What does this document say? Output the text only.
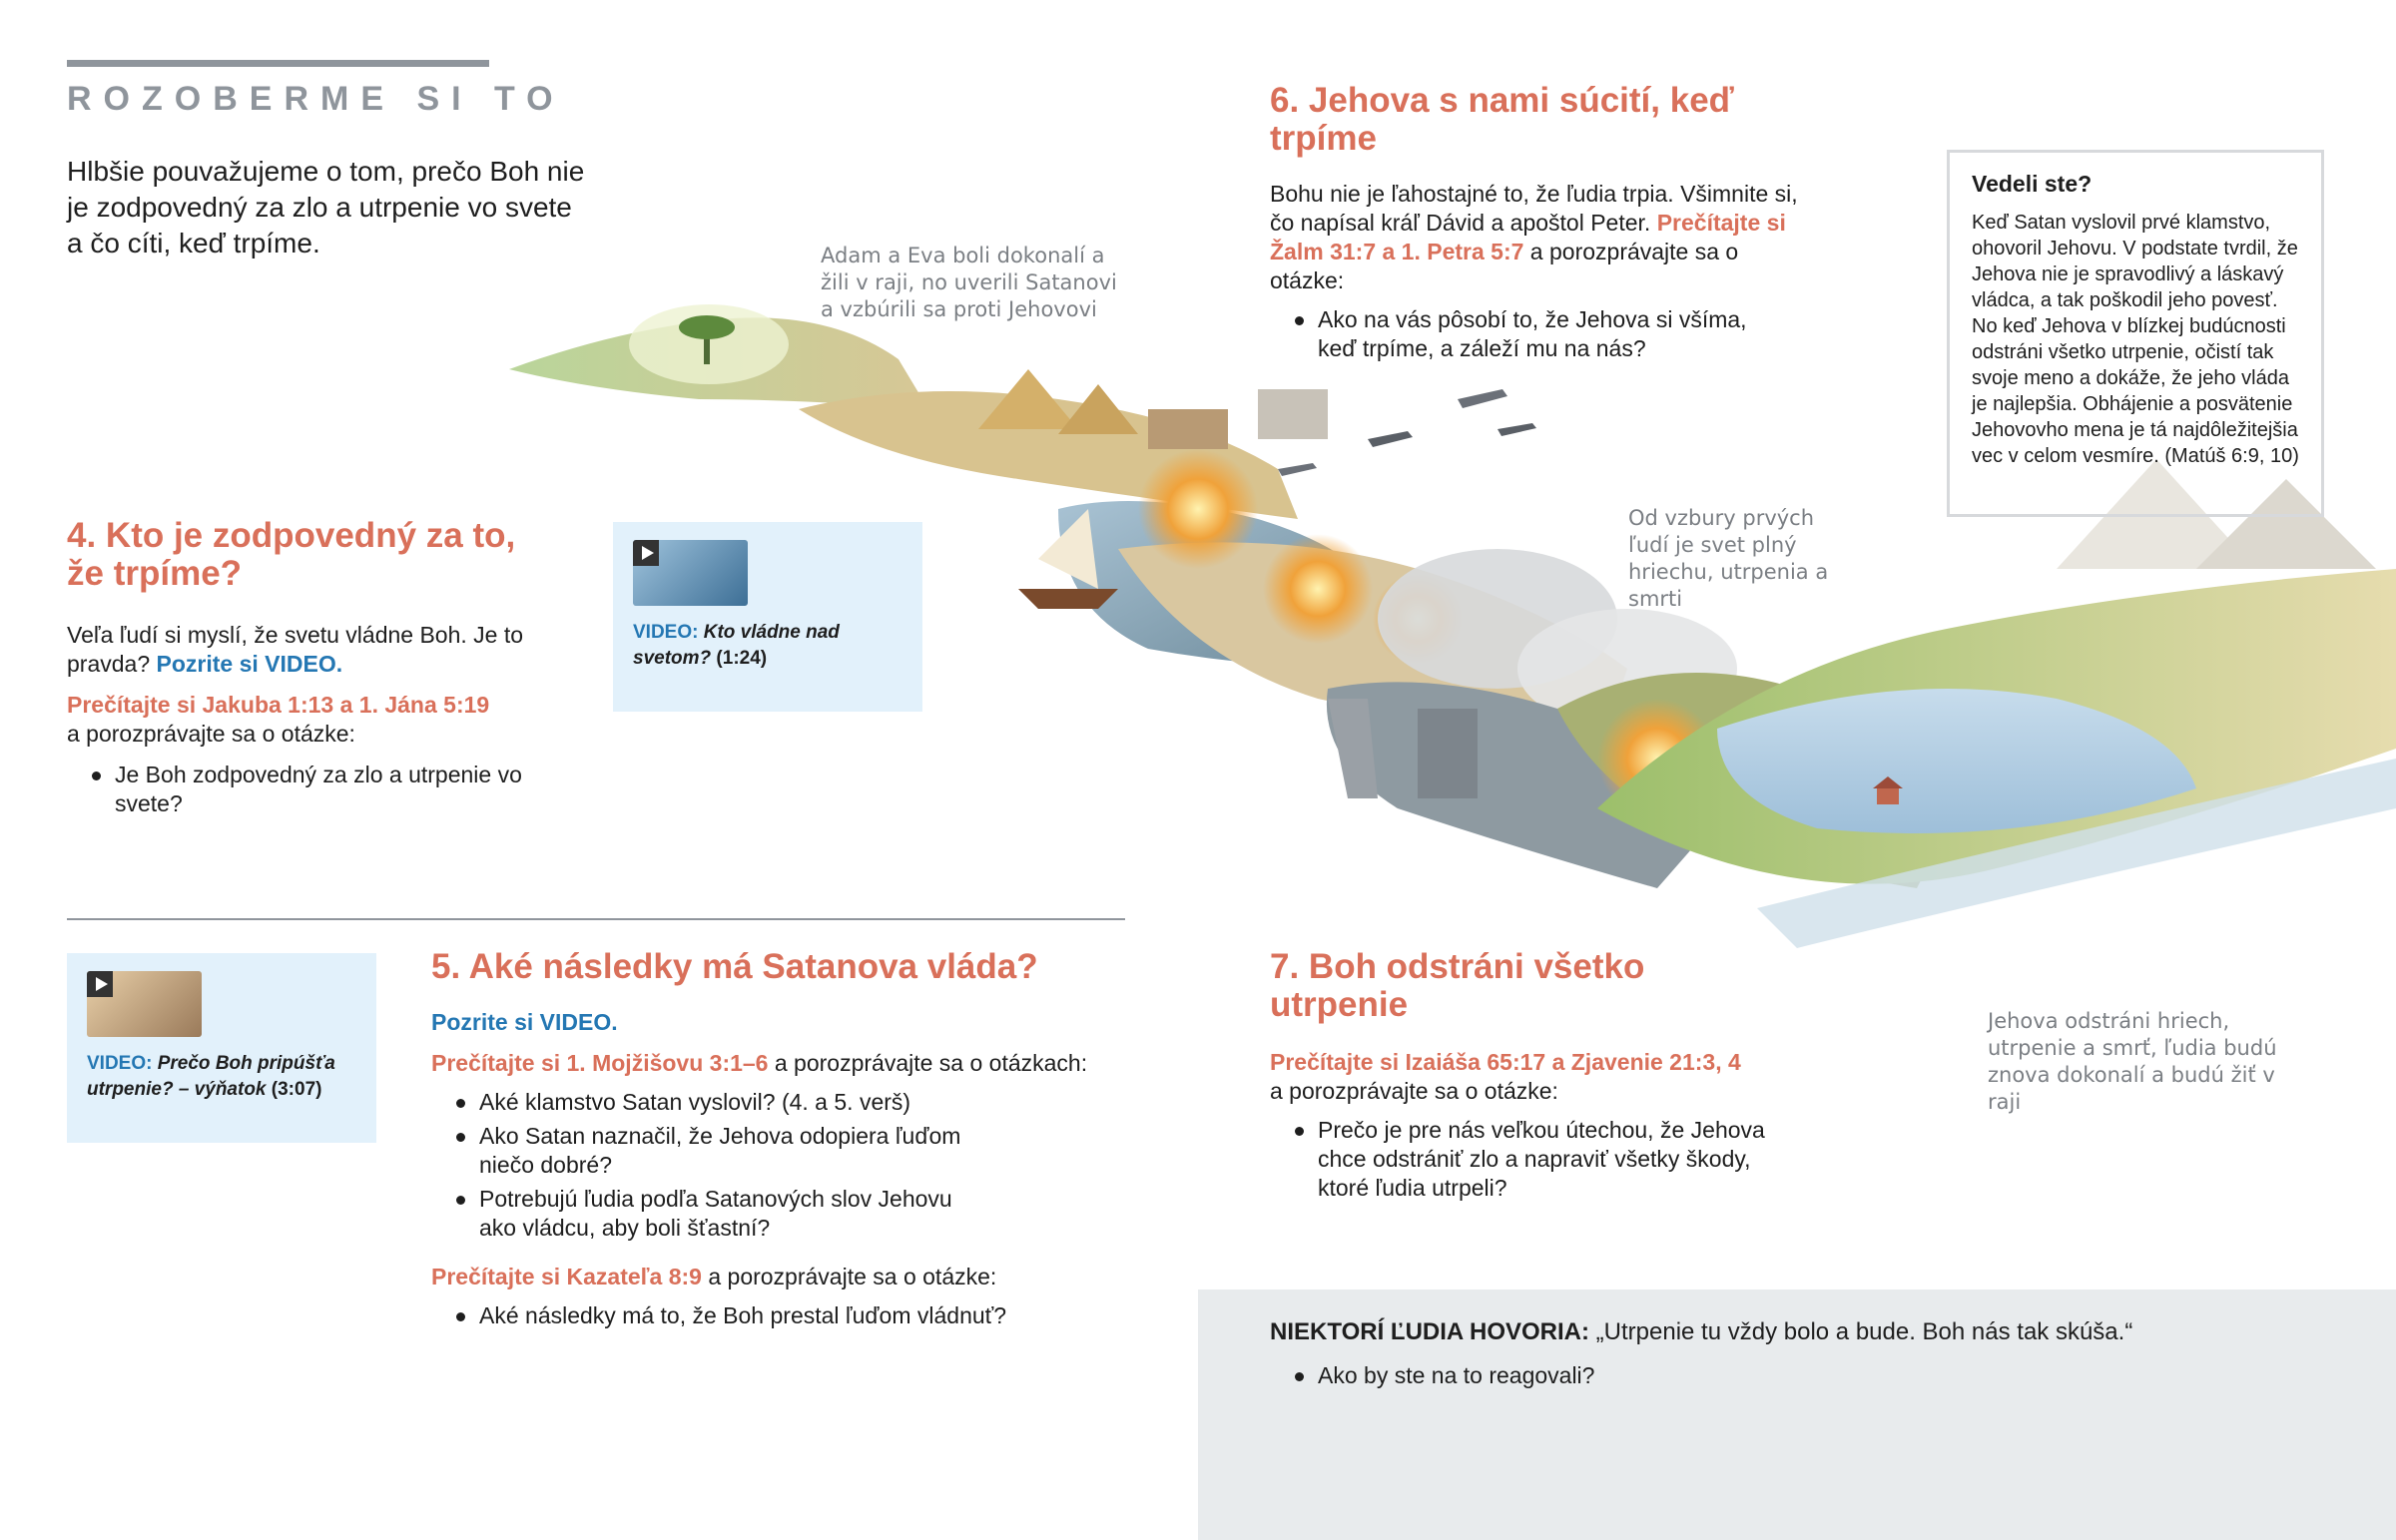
ROZOBERME SI TO
Hlbšie pouvažujeme o tom, prečo Boh nie je zodpovedný za zlo a utrpenie vo svete a čo cíti, keď trpíme.	Adam a Eva boli dokonalí a žili v raji, no uverili Satanovi a vzbúrili sa proti Jehovovi
Od vzbury prvých ľudí je svet plný hriechu, utrpenia a smrti
Jehova odstráni hriech, utrpenie a smrť, ľudia budú znova dokonalí a budú žiť v raji
4. Kto je zodpovedný za to, že trpíme?

Veľa ľudí si myslí, že svetu vládne Boh. Je to pravda? Pozrite si VIDEO.

Prečítajte si Jakuba 1:13 a 1. Jána 5:19
a porozprávajte sa o otázke:

Je Boh zodpovedný za zlo a utrpenie vo svete?
VIDEO: Kto vládne nad svetom? (1:24)
VIDEO: Prečo Boh pripúšťa utrpenie? – výňatok (3:07)
5. Aké následky má Satanova vláda?

Pozrite si VIDEO.

Prečítajte si 1. Mojžišovu 3:1–6 a porozprávajte sa o otázkach:

Aké klamstvo Satan vyslovil? (4. a 5. verš)
Ako Satan naznačil, že Jehova odopiera ľuďom niečo dobré?
Potrebujú ľudia podľa Satanových slov Jehovu ako vládcu, aby boli šťastní?

Prečítajte si Kazateľa 8:9 a porozprávajte sa o otázke:

Aké následky má to, že Boh prestal ľuďom vládnuť?
6. Jehova s nami súcití, keď trpíme

Bohu nie je ľahostajné to, že ľudia trpia. Všimnite si, čo napísal kráľ Dávid a apoštol Peter. Prečítajte si Žalm 31:7 a 1. Petra 5:7 a porozprávajte sa o otázke:

Ako na vás pôsobí to, že Jehova si všíma, keď trpíme, a záleží mu na nás?

Vedeli ste?

Keď Satan vyslovil prvé klamstvo, ohovoril Jehovu. V podstate tvrdil, že Jehova nie je spravodlivý a láskavý vládca, a tak poškodil jeho povesť. No keď Jehova v blízkej budúcnosti odstráni všetko utrpenie, očistí tak svoje meno a dokáže, že jeho vláda je najlepšia. Obhájenie a posvätenie Jehovovho mena je tá najdôležitejšia vec v celom vesmíre. (Matúš 6:9, 10)

7. Boh odstráni všetko utrpenie

Prečítajte si Izaiáša 65:17 a Zjavenie 21:3, 4
a porozprávajte sa o otázke:

Prečo je pre nás veľkou útechou, že Jehova chce odstrániť zlo a napraviť všetky škody, ktoré ľudia utrpeli?

NIEKTORÍ ĽUDIA HOVORIA: „Utrpenie tu vždy bolo a bude. Boh nás tak skúša.“

Ako by ste na to reagovali?
